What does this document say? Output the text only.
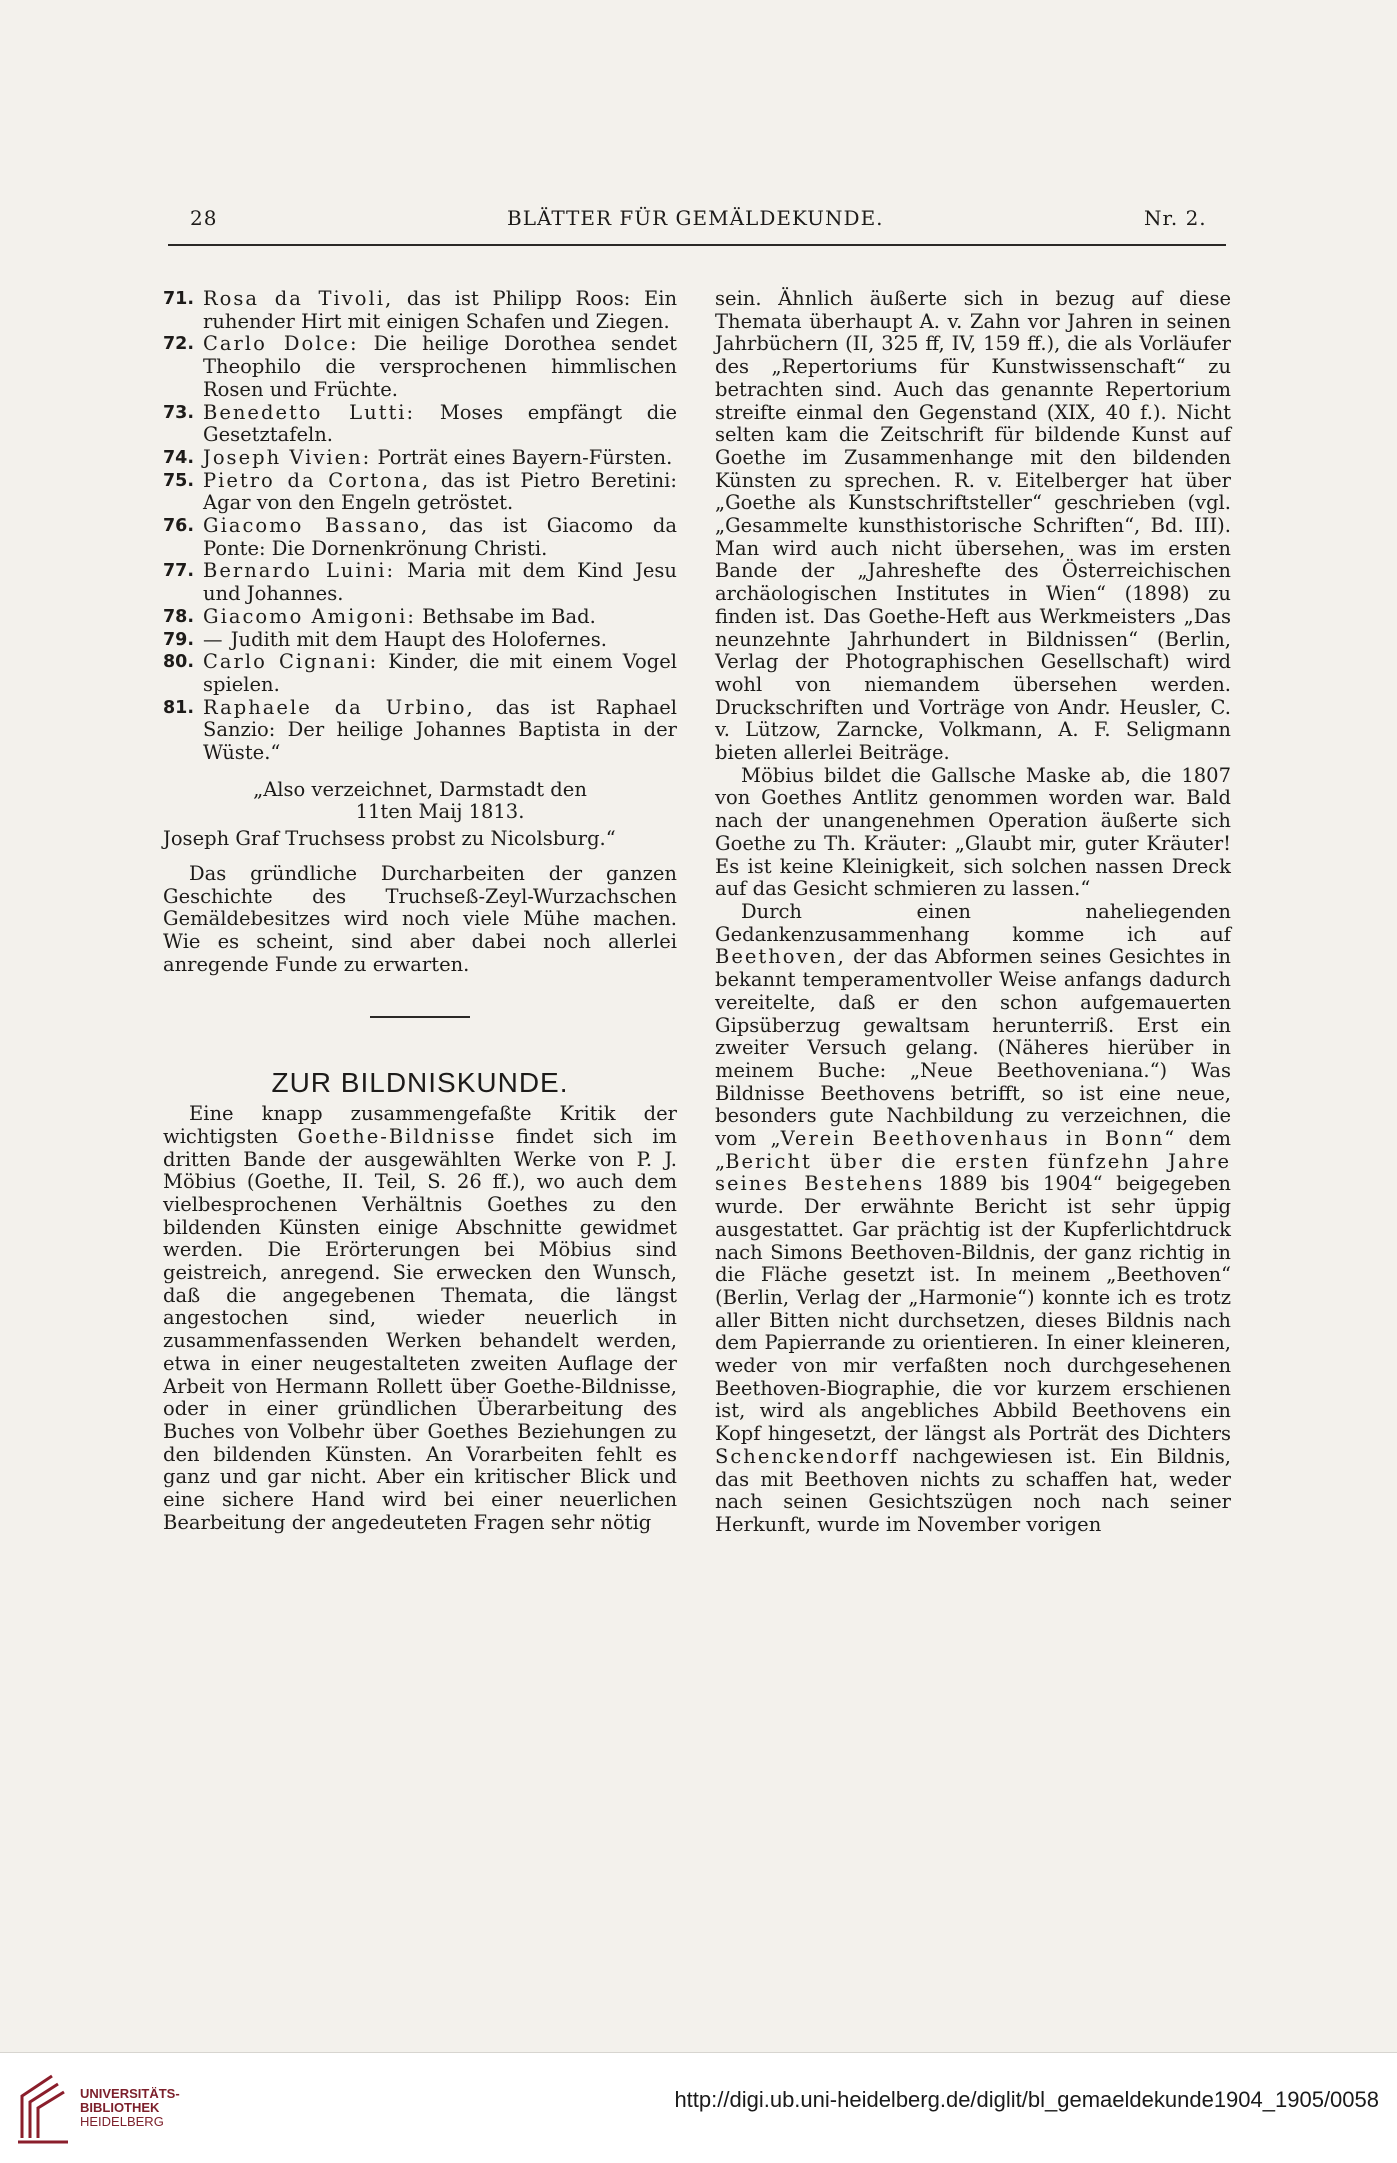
28	BLÄTTER FÜR GEMÄLDEKUNDE.	Nr. 2.
71. Rosa da Tivoli, das ist Philipp Roos: Ein ruhender Hirt mit einigen Schafen und Ziegen.
72. Carlo Dolce: Die heilige Dorothea sendet Theophilo die versprochenen himmlischen Rosen und Früchte.
73. Benedetto Lutti: Moses empfängt die Gesetztafeln.
74. Joseph Vivien: Porträt eines Bayern-Fürsten.
75. Pietro da Cortona, das ist Pietro Beretini: Agar von den Engeln getröstet.
76. Giacomo Bassano, das ist Giacomo da Ponte: Die Dornenkrönung Christi.
77. Bernardo Luini: Maria mit dem Kind Jesu und Johannes.
78. Giacomo Amigoni: Bethsabe im Bad.
79. — Judith mit dem Haupt des Holofernes.
80. Carlo Cignani: Kinder, die mit einem Vogel spielen.
81. Raphaele da Urbino, das ist Raphael Sanzio: Der heilige Johannes Baptista in der Wüste.“
„Also verzeichnet, Darmstadt den
11ten Maij 1813.
Joseph Graf Truchsess probst zu Nicolsburg.“

Das gründliche Durcharbeiten der ganzen Geschichte des Truchseß-Zeyl-Wurzachschen Gemäldebesitzes wird noch viele Mühe machen. Wie es scheint, sind aber dabei noch allerlei anregende Funde zu erwarten.

ZUR BILDNISKUNDE.

Eine knapp zusammengefaßte Kritik der wichtigsten Goethe-Bildnisse findet sich im dritten Bande der ausgewählten Werke von P. J. Möbius (Goethe, II. Teil, S. 26 ff.), wo auch dem vielbesprochenen Verhältnis Goethes zu den bildenden Künsten einige Abschnitte gewidmet werden. Die Erörterungen bei Möbius sind geistreich, anregend. Sie erwecken den Wunsch, daß die angegebenen Themata, die längst angestochen sind, wieder neuerlich in zusammenfassenden Werken behandelt werden, etwa in einer neugestalteten zweiten Auflage der Arbeit von Hermann Rollett über Goethe-Bildnisse, oder in einer gründlichen Überarbeitung des Buches von Volbehr über Goethes Beziehungen zu den bildenden Künsten. An Vorarbeiten fehlt es ganz und gar nicht. Aber ein kritischer Blick und eine sichere Hand wird bei einer neuerlichen Bearbeitung der angedeuteten Fragen sehr nötig

sein. Ähnlich äußerte sich in bezug auf diese Themata überhaupt A. v. Zahn vor Jahren in seinen Jahrbüchern (II, 325 ff, IV, 159 ff.), die als Vorläufer des „Repertoriums für Kunstwissenschaft“ zu betrachten sind. Auch das genannte Repertorium streifte einmal den Gegenstand (XIX, 40 f.). Nicht selten kam die Zeitschrift für bildende Kunst auf Goethe im Zusammenhange mit den bildenden Künsten zu sprechen. R. v. Eitelberger hat über „Goethe als Kunstschriftsteller“ geschrieben (vgl. „Gesammelte kunsthistorische Schriften“, Bd. III). Man wird auch nicht übersehen, was im ersten Bande der „Jahreshefte des Österreichischen archäologischen Institutes in Wien“ (1898) zu finden ist. Das Goethe-Heft aus Werkmeisters „Das neunzehnte Jahrhundert in Bildnissen“ (Berlin, Verlag der Photographischen Gesellschaft) wird wohl von niemandem übersehen werden. Druckschriften und Vorträge von Andr. Heusler, C. v. Lützow, Zarncke, Volkmann, A. F. Seligmann bieten allerlei Beiträge.

Möbius bildet die Gallsche Maske ab, die 1807 von Goethes Antlitz genommen worden war. Bald nach der unangenehmen Operation äußerte sich Goethe zu Th. Kräuter: „Glaubt mir, guter Kräuter! Es ist keine Kleinigkeit, sich solchen nassen Dreck auf das Gesicht schmieren zu lassen.“

Durch einen naheliegenden Gedankenzusammenhang komme ich auf Beethoven, der das Abformen seines Gesichtes in bekannt temperamentvoller Weise anfangs dadurch vereitelte, daß er den schon aufgemauerten Gipsüberzug gewaltsam herunterriß. Erst ein zweiter Versuch gelang. (Näheres hierüber in meinem Buche: „Neue Beethoveniana.“) Was Bildnisse Beethovens betrifft, so ist eine neue, besonders gute Nachbildung zu verzeichnen, die vom „Verein Beethovenhaus in Bonn“ dem „Bericht über die ersten fünfzehn Jahre seines Bestehens 1889 bis 1904“ beigegeben wurde. Der erwähnte Bericht ist sehr üppig ausgestattet. Gar prächtig ist der Kupferlichtdruck nach Simons Beethoven-Bildnis, der ganz richtig in die Fläche gesetzt ist. In meinem „Beethoven“ (Berlin, Verlag der „Harmonie“) konnte ich es trotz aller Bitten nicht durchsetzen, dieses Bildnis nach dem Papierrande zu orientieren. In einer kleineren, weder von mir verfaßten noch durchgesehenen Beethoven-Biographie, die vor kurzem erschienen ist, wird als angebliches Abbild Beethovens ein Kopf hingesetzt, der längst als Porträt des Dichters Schenckendorff nachgewiesen ist. Ein Bildnis, das mit Beethoven nichts zu schaffen hat, weder nach seinen Gesichtszügen noch nach seiner Herkunft, wurde im November vorigen

UNIVERSITÄTS-
BIBLIOTHEK
HEIDELBERG
http://digi.ub.uni-heidelberg.de/diglit/bl_gemaeldekunde1904_1905/0058
